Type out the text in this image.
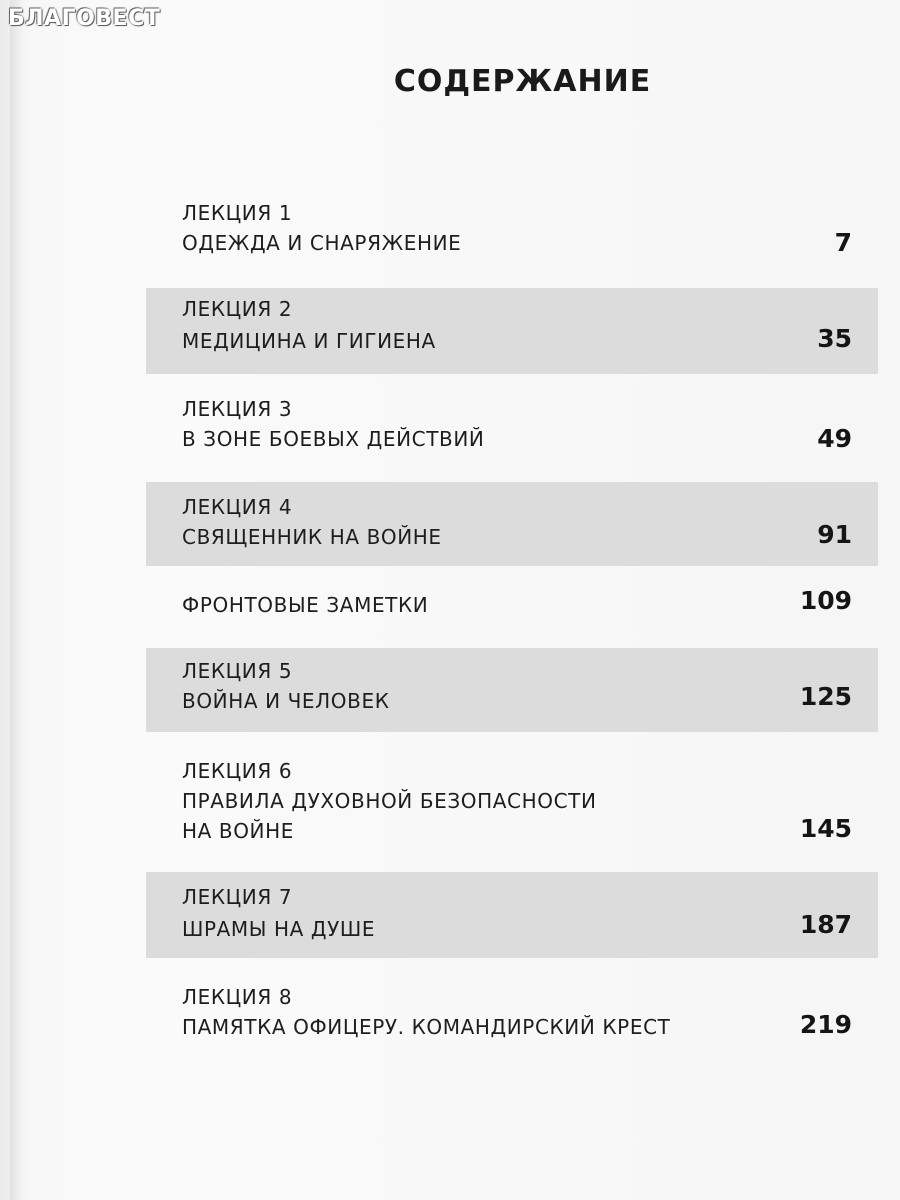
БЛАГОВЕСТ
СОДЕРЖАНИЕ
ЛЕКЦИЯ 1
ОДЕЖДА И СНАРЯЖЕНИЕ	7
ЛЕКЦИЯ 2
МЕДИЦИНА И ГИГИЕНА	35
ЛЕКЦИЯ 3
В ЗОНЕ БОЕВЫХ ДЕЙСТВИЙ	49
ЛЕКЦИЯ 4
СВЯЩЕННИК НА ВОЙНЕ	91
ФРОНТОВЫЕ ЗАМЕТКИ	109
ЛЕКЦИЯ 5
ВОЙНА И ЧЕЛОВЕК	125
ЛЕКЦИЯ 6
ПРАВИЛА ДУХОВНОЙ БЕЗОПАСНОСТИ
НА ВОЙНЕ	145
ЛЕКЦИЯ 7
ШРАМЫ НА ДУШЕ	187
ЛЕКЦИЯ 8
ПАМЯТКА ОФИЦЕРУ. КОМАНДИРСКИЙ КРЕСТ	219
